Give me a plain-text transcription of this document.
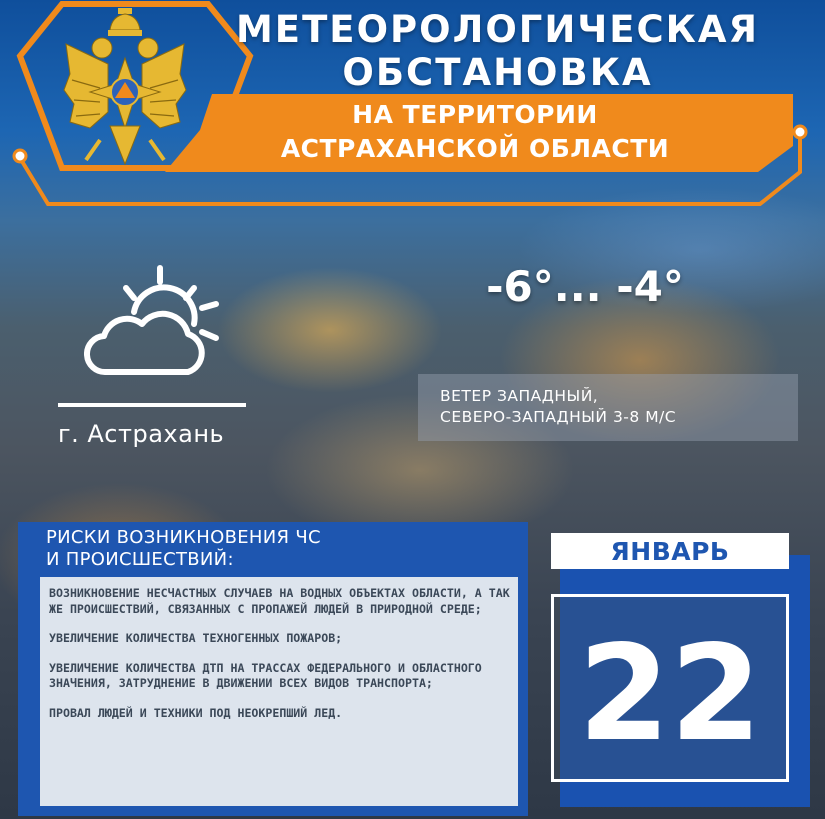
МЕТЕОРОЛОГИЧЕСКАЯ
ОБСТАНОВКА
НА ТЕРРИТОРИИ
АСТРАХАНСКОЙ ОБЛАСТИ
-6°... -4°
ВЕТЕР ЗАПАДНЫЙ,
СЕВЕРО-ЗАПАДНЫЙ 3-8 М/С
г. Астрахань
РИСКИ ВОЗНИКНОВЕНИЯ ЧС
И ПРОИСШЕСТВИЙ:

ВОЗНИКНОВЕНИЕ НЕСЧАСТНЫХ СЛУЧАЕВ НА ВОДНЫХ ОБЪЕКТАХ ОБЛАСТИ, А ТАК ЖЕ ПРОИСШЕСТВИЙ, СВЯЗАННЫХ С ПРОПАЖЕЙ ЛЮДЕЙ В ПРИРОДНОЙ СРЕДЕ;

УВЕЛИЧЕНИЕ КОЛИЧЕСТВА ТЕХНОГЕННЫХ ПОЖАРОВ;

УВЕЛИЧЕНИЕ КОЛИЧЕСТВА ДТП НА ТРАССАХ ФЕДЕРАЛЬНОГО И ОБЛАСТНОГО ЗНАЧЕНИЯ, ЗАТРУДНЕНИЕ В ДВИЖЕНИИ ВСЕХ ВИДОВ ТРАНСПОРТА;

ПРОВАЛ ЛЮДЕЙ И ТЕХНИКИ ПОД НЕОКРЕПШИЙ ЛЕД.

ЯНВАРЬ
22
